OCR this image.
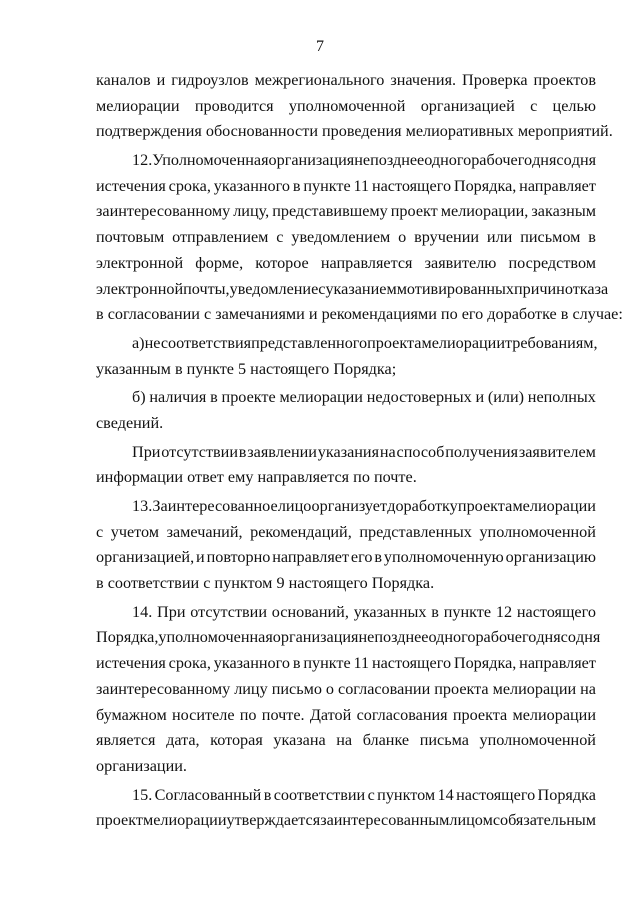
7
каналов и гидроузлов межрегионального значения. Проверка проектов
мелиорации проводится уполномоченной организацией с целью
подтверждения обоснованности проведения мелиоративных мероприятий.
12. Уполномоченная организация не позднее одного рабочего дня со дня
истечения срока, указанного в пункте 11 настоящего Порядка, направляет
заинтересованному лицу, представившему проект мелиорации, заказным
почтовым отправлением с уведомлением о вручении или письмом в
электронной форме, которое направляется заявителю посредством
электронной почты, уведомление с указанием мотивированных причин отказа
в согласовании с замечаниями и рекомендациями по его доработке в случае:
а) несоответствия представленного проекта мелиорации требованиям,
указанным в пункте 5 настоящего Порядка;
б) наличия в проекте мелиорации недостоверных и (или) неполных
сведений.
При отсутствии в заявлении указания на способ получения заявителем
информации ответ ему направляется по почте.
13. Заинтересованное лицо организует доработку проекта мелиорации
с учетом замечаний, рекомендаций, представленных уполномоченной
организацией, и повторно направляет его в уполномоченную организацию
в соответствии с пунктом 9 настоящего Порядка.
14. При отсутствии оснований, указанных в пункте 12 настоящего
Порядка, уполномоченная организация не позднее одного рабочего дня со дня
истечения срока, указанного в пункте 11 настоящего Порядка, направляет
заинтересованному лицу письмо о согласовании проекта мелиорации на
бумажном носителе по почте. Датой согласования проекта мелиорации
является дата, которая указана на бланке письма уполномоченной
организации.
15. Согласованный в соответствии с пунктом 14 настоящего Порядка
проект мелиорации утверждается заинтересованным лицом с обязательным
